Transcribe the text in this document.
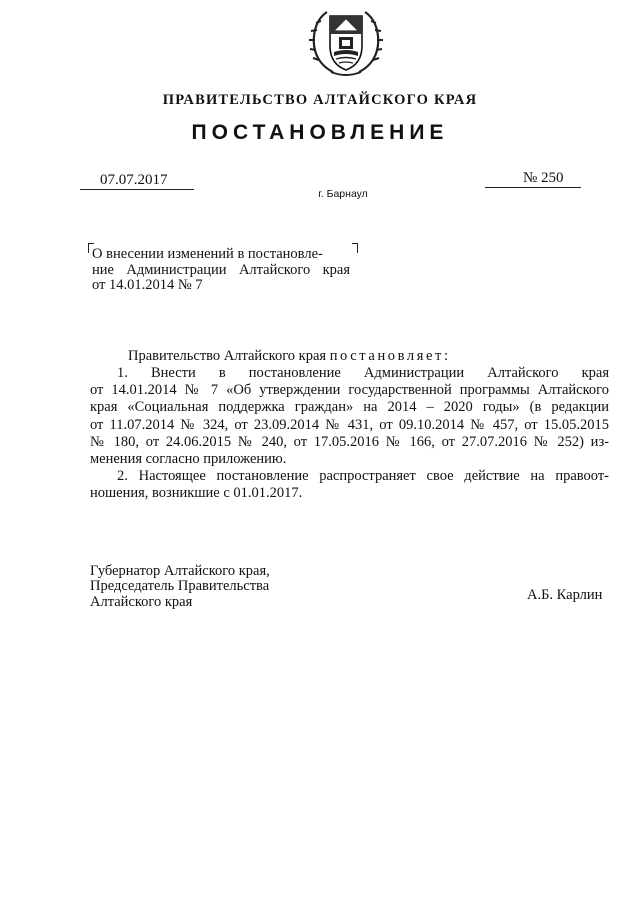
ПРАВИТЕЛЬСТВО АЛТАЙСКОГО КРАЯ
ПОСТАНОВЛЕНИЕ
07.07.2017	№ 250
г. Барнаул
О внесении изменений в постановле-
ние Администрации Алтайского края
от 14.01.2014 № 7
Правительство Алтайского края постановляет:
1. Внести в постановление Администрации Алтайского края
от 14.01.2014 № 7 «Об утверждении государственной программы Алтайского
края «Социальная поддержка граждан» на 2014 – 2020 годы» (в редакции
от 11.07.2014 № 324, от 23.09.2014 № 431, от 09.10.2014 № 457, от 15.05.2015
№ 180, от 24.06.2015 № 240, от 17.05.2016 № 166, от 27.07.2016 № 252) из-
менения согласно приложению.
2. Настоящее постановление распространяет свое действие на правоот-
ношения, возникшие с 01.01.2017.
Губернатор Алтайского края,
Председатель Правительства
Алтайского края	А.Б. Карлин
